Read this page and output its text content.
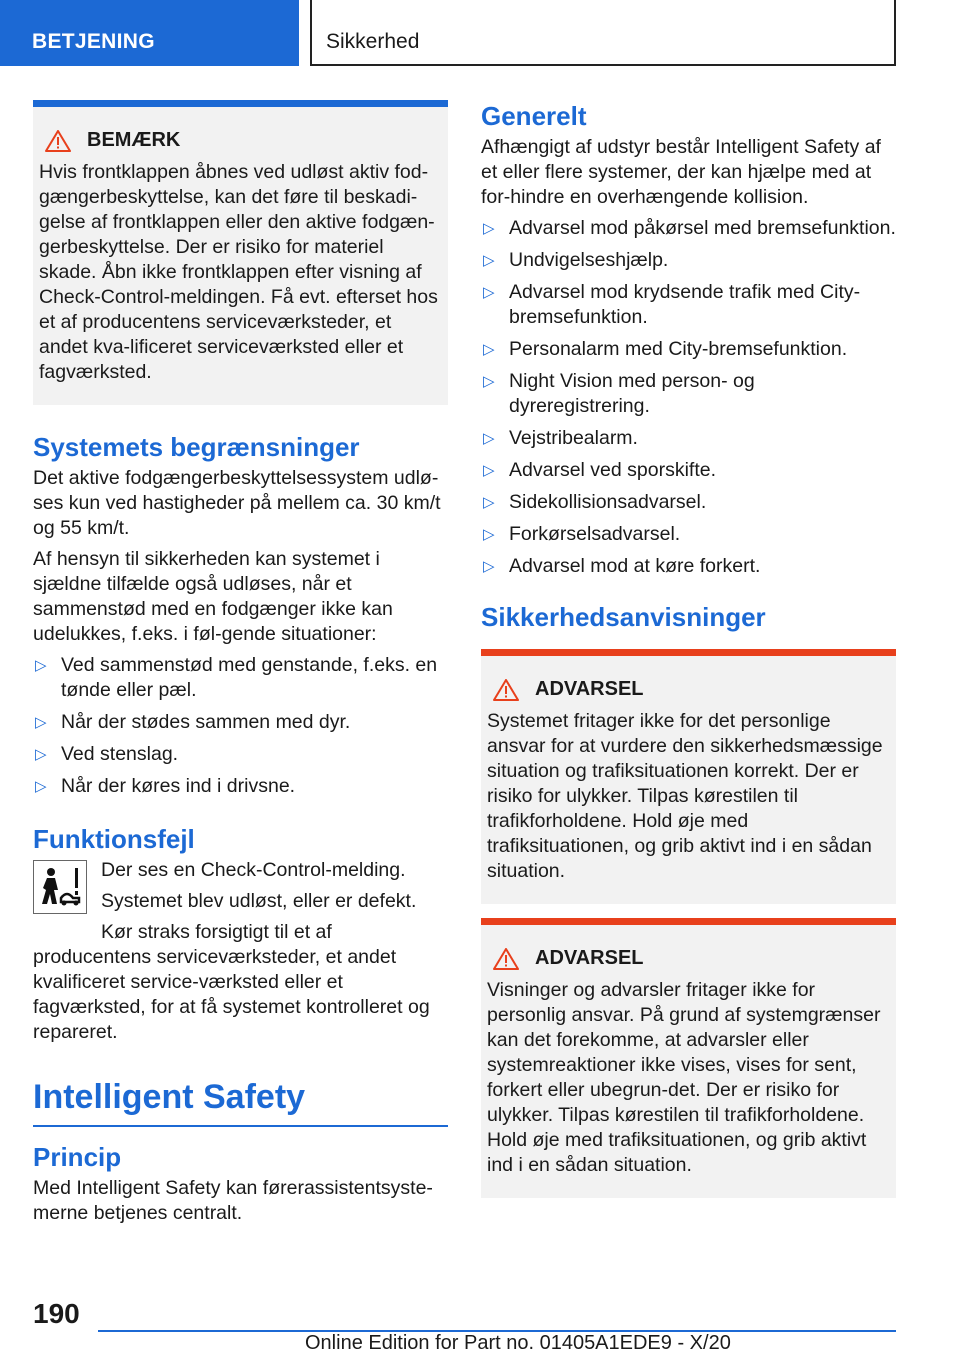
BETJENING	Sikkerhed
BEMÆRK

Hvis frontklappen åbnes ved udløst aktiv fod-gængerbeskyttelse, kan det føre til beskadi-gelse af frontklappen eller den aktive fodgæn-gerbeskyttelse. Der er risiko for materiel skade. Åbn ikke frontklappen efter visning af Check-Control-meldingen. Få evt. efterset hos et af producentens serviceværksteder, et andet kva-lificeret serviceværksted eller et fagværksted.

Systemets begrænsninger

Det aktive fodgængerbeskyttelsessystem udlø-ses kun ved hastigheder på mellem ca. 30 km/t og 55 km/t.

Af hensyn til sikkerheden kan systemet i sjældne tilfælde også udløses, når et sammenstød med en fodgænger ikke kan udelukkes, f.eks. i føl-gende situationer:

▷ Ved sammenstød med genstande, f.eks. en tønde eller pæl.
▷ Når der stødes sammen med dyr.
▷ Ved stenslag.
▷ Når der køres ind i drivsne.
Funktionsfejl

Der ses en Check-Control-melding.

Systemet blev udløst, eller er defekt.

Kør straks forsigtigt til et af producentens serviceværksteder, et andet kvalificeret service-værksted eller et fagværksted, for at få systemet kontrolleret og repareret.

Intelligent Safety
Princip

Med Intelligent Safety kan førerassistentsyste-merne betjenes centralt.

Generelt

Afhængigt af udstyr består Intelligent Safety af et eller flere systemer, der kan hjælpe med at for-hindre en overhængende kollision.

▷ Advarsel mod påkørsel med bremsefunktion.
▷ Undvigelseshjælp.
▷ Advarsel mod krydsende trafik med City-bremsefunktion.
▷ Personalarm med City-bremsefunktion.
▷ Night Vision med person- og dyreregistrering.
▷ Vejstribealarm.
▷ Advarsel ved sporskifte.
▷ Sidekollisionsadvarsel.
▷ Forkørselsadvarsel.
▷ Advarsel mod at køre forkert.
Sikkerhedsanvisninger
ADVARSEL

Systemet fritager ikke for det personlige ansvar for at vurdere den sikkerhedsmæssige situation og trafiksituationen korrekt. Der er risiko for ulykker. Tilpas kørestilen til trafikforholdene. Hold øje med trafiksituationen, og grib aktivt ind i en sådan situation.

ADVARSEL

Visninger og advarsler fritager ikke for personlig ansvar. På grund af systemgrænser kan det forekomme, at advarsler eller systemreaktioner ikke vises, vises for sent, forkert eller ubegrun-det. Der er risiko for ulykker. Tilpas kørestilen til trafikforholdene. Hold øje med trafiksituationen, og grib aktivt ind i en sådan situation.

190
Online Edition for Part no. 01405A1EDE9 - X/20
